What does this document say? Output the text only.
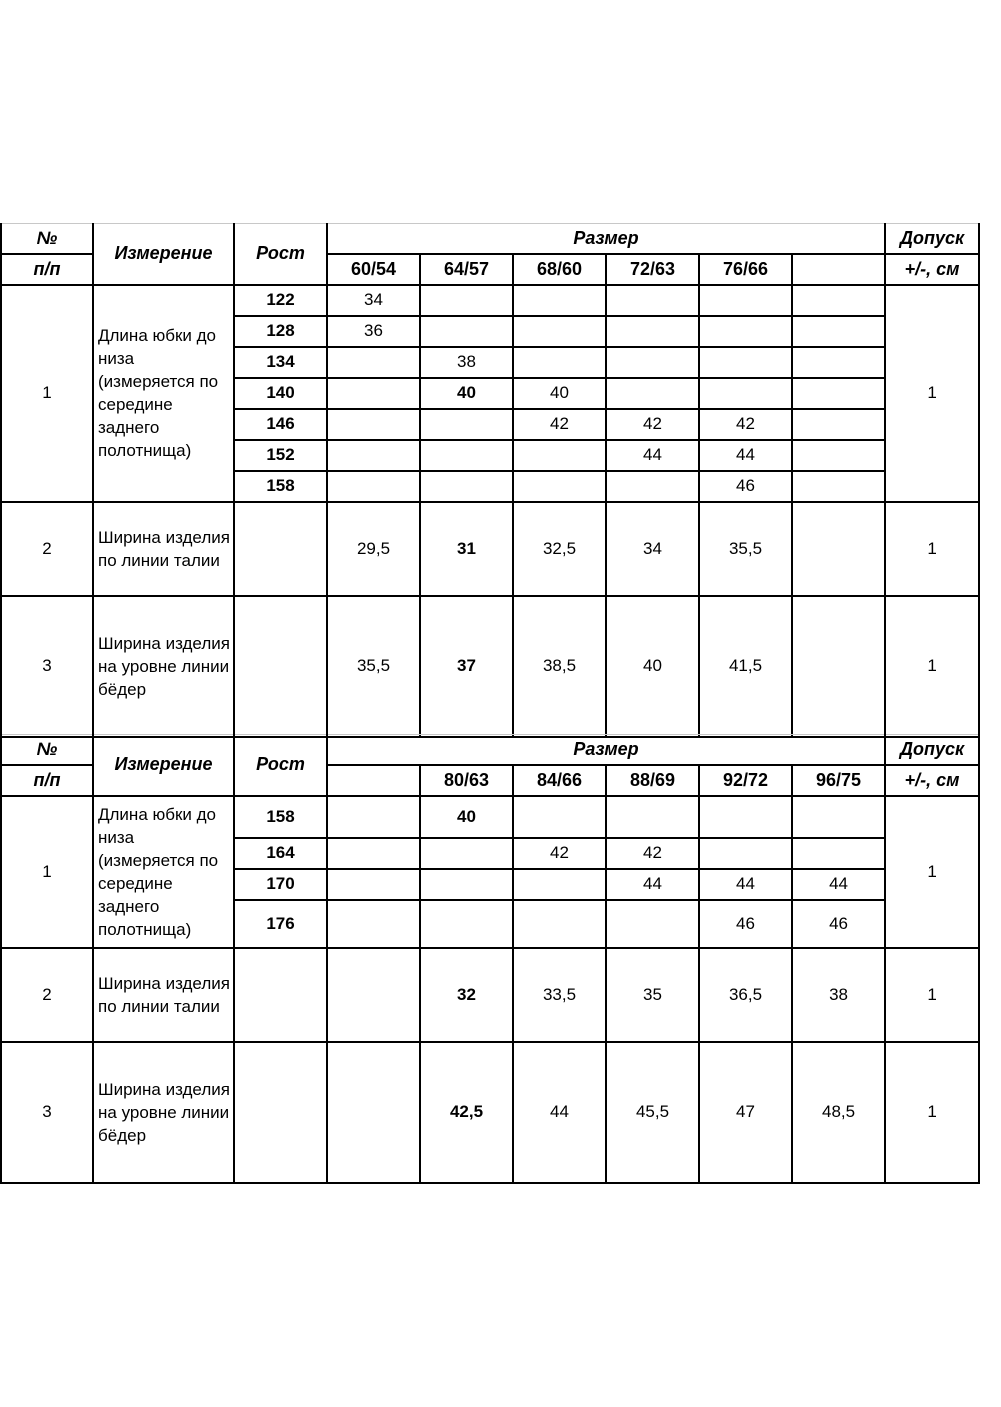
№	Измерение	Рост	Размер						Допуск
п/п			60/54	64/57	68/60	72/63	76/66		+/-, см
1	Длина юбки до низа (измеряется по середине заднего полотнища)	122	34						1
		128	36						
		134		38					
		140		40	40				
		146			42	42	42		
		152				44	44		
		158					46		
2	Ширина изделия по линии талии		29,5	31	32,5	34	35,5		1
3	Ширина изделия на уровне линии бёдер		35,5	37	38,5	40	41,5		1
№	Измерение	Рост	Размер						Допуск
п/п				80/63	84/66	88/69	92/72	96/75	+/-, см
1	Длина юбки до низа (измеряется по середине заднего полотнища)	158		40					1
		164			42	42			
		170				44	44	44	
		176					46	46	
2	Ширина изделия по линии талии			32	33,5	35	36,5	38	1
3	Ширина изделия на уровне линии бёдер			42,5	44	45,5	47	48,5	1
